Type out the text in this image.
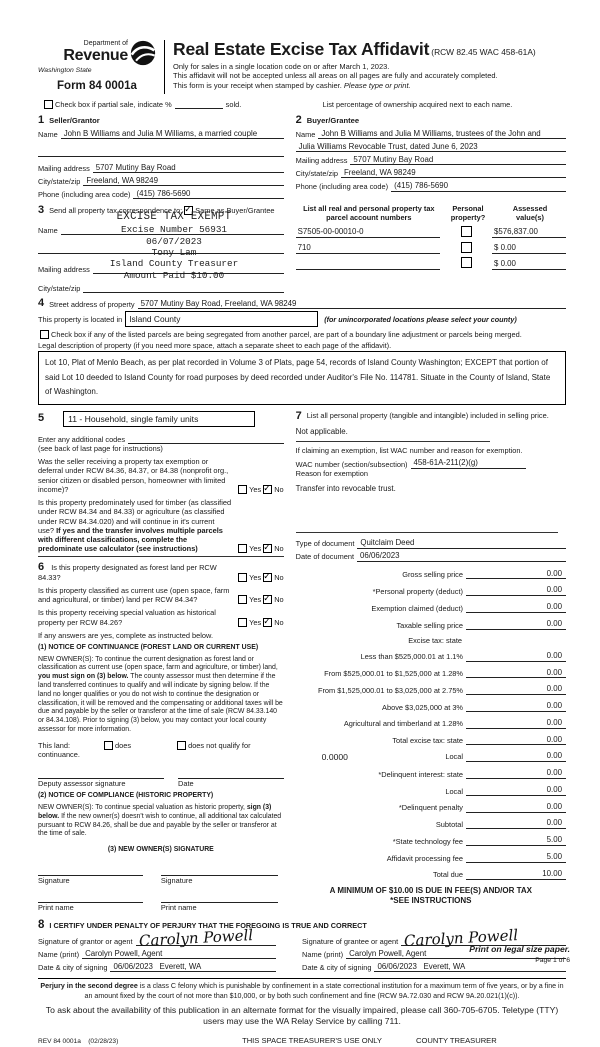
Department of
Revenue
Washington State
Form 84 0001a
Real Estate Excise Tax Affidavit (RCW 82.45 WAC 458-61A)
Only for sales in a single location code on or after March 1, 2023.
This affidavit will not be accepted unless all areas on all pages are fully and accurately completed.
This form is your receipt when stamped by cashier. Please type or print.
Check box if partial sale, indicate %	sold.	List percentage of ownership acquired next to each name.
1 Seller/Grantor
Name John B Williams and Julia M Williams, a married couple
Mailing address 5707 Mutiny Bay Road
City/state/zip Freeland, WA 98249
Phone (including area code) (415) 786-5690
2 Buyer/Grantee
Name John B Williams and Julia M Williams, trustees of the John and
Julia Williams Revocable Trust, dated June 6, 2023
Mailing address 5707 Mutiny Bay Road
City/state/zip Freeland, WA 98249
Phone (including area code) (415) 786-5690
3 Send all property tax correspondence to:
✓ Same as Buyer/Grantee
Name
Mailing address
City/state/zip
EXCISE TAX EXEMPT
Excise Number 56931
06/07/2023
Tony Lam
Island County Treasurer
Amount Paid $10.00
List all real and personal property tax
parcel account numbers
Personal
property?
Assessed
value(s)
S7505-00-00010-0	$576,837.00
710	$ 0.00
$ 0.00
4 Street address of property 5707 Mutiny Bay Road, Freeland, WA 98249
This property is located in Island County	(for unincorporated locations please select your county)
Check box if any of the listed parcels are being segregated from another parcel, are part of a boundary line adjustment or parcels being merged.
Legal description of property (if you need more space, attach a separate sheet to each page of the affidavit).
Lot 10, Plat of Menlo Beach, as per plat recorded in Volume 3 of Plats, page 54, records of Island County Washington; EXCEPT that portion of said Lot 10 deeded to Island County for road purposes by deed recorded under Auditor's File No. 114781. Situate in the County of Island, State of Washington.
5	11 - Household, single family units
Enter any additional codes
(see back of last page for instructions)
Was the seller receiving a property tax exemption or deferral under RCW 84.36, 84.37, or 84.38 (nonprofit org., senior citizen or disabled person, homeowner with limited income)?	Yes ✓ No
Is this property predominately used for timber (as classified under RCW 84.34 and 84.33) or agriculture (as classified under RCW 84.34.020) and will continue in it's current use? If yes and the transfer involves multiple parcels with different classifications, complete the predominate use calculator (see instructions)	Yes ✓ No
6 Is this property designated as forest land per RCW 84.33?	Yes ✓ No
Is this property classified as current use (open space, farm and agricultural, or timber) land per RCW 84.34?	Yes ✓ No
Is this property receiving special valuation as historical property per RCW 84.26?	Yes ✓ No
If any answers are yes, complete as instructed below.
(1) NOTICE OF CONTINUANCE (FOREST LAND OR CURRENT USE)
NEW OWNER(S): To continue the current designation as forest land or classification as current use (open space, farm and agriculture, or timber) land, you must sign on (3) below. The county assessor must then determine if the land transferred continues to qualify and will indicate by signing below. If the land no longer qualifies or you do not wish to continue the designation or classification, it will be removed and the compensating or additional taxes will be due and payable by the seller or transferor at the time of sale (RCW 84.33.140 or 84.34.108). Prior to signing (3) below, you may contact your local county assessor for more information.
This land:	does	does not qualify for
continuance.
Deputy assessor signature	Date
(2) NOTICE OF COMPLIANCE (HISTORIC PROPERTY)
NEW OWNER(S): To continue special valuation as historic property, sign (3) below. If the new owner(s) doesn't wish to continue, all additional tax calculated pursuant to RCW 84.26, shall be due and payable by the seller or transferor at the time of sale.
(3) NEW OWNER(S) SIGNATURE
Signature	Signature
Print name	Print name
7 List all personal property (tangible and intangible) included in selling price.
Not applicable.
If claiming an exemption, list WAC number and reason for exemption.
WAC number (section/subsection) 458-61A-211(2)(g)
Reason for exemption
Transfer into revocable trust.
Type of document Quitclaim Deed
Date of document 06/06/2023
Gross selling price	0.00
*Personal property (deduct)	0.00
Exemption claimed (deduct)	0.00
Taxable selling price	0.00
Excise tax: state
Less than $525,000.01 at 1.1%	0.00
From $525,000.01 to $1,525,000 at 1.28%	0.00
From $1,525,000.01 to $3,025,000 at 2.75%	0.00
Above $3,025,000 at 3%	0.00
Agricultural and timberland at 1.28%	0.00
Total excise tax: state	0.00
0.0000	Local	0.00
*Delinquent interest: state	0.00
Local	0.00
*Delinquent penalty	0.00
Subtotal	0.00
*State technology fee	5.00
Affidavit processing fee	5.00
Total due	10.00
A MINIMUM OF $10.00 IS DUE IN FEE(S) AND/OR TAX
*SEE INSTRUCTIONS
8 I CERTIFY UNDER PENALTY OF PERJURY THAT THE FOREGOING IS TRUE AND CORRECT
Signature of grantor or agent Carolyn Powell
Name (print) Carolyn Powell, Agent
Date & city of signing 06/06/2023   Everett, WA
Signature of grantee or agent Carolyn Powell
Name (print) Carolyn Powell, Agent
Date & city of signing 06/06/2023   Everett, WA
Perjury in the second degree is a class C felony which is punishable by confinement in a state correctional institution for a maximum term of five years, or by a fine in an amount fixed by the court of not more than $10,000, or by both such confinement and fine (RCW 9A.72.030 and RCW 9A.20.021(1)(c)).
To ask about the availability of this publication in an alternate format for the visually impaired, please call 360-705-6705. Teletype (TTY) users may use the WA Relay Service by calling 711.
REV 84 0001a    (02/28/23)	THIS SPACE TREASURER'S USE ONLY	COUNTY TREASURER
Print on legal size paper.
Page 1 of 6
